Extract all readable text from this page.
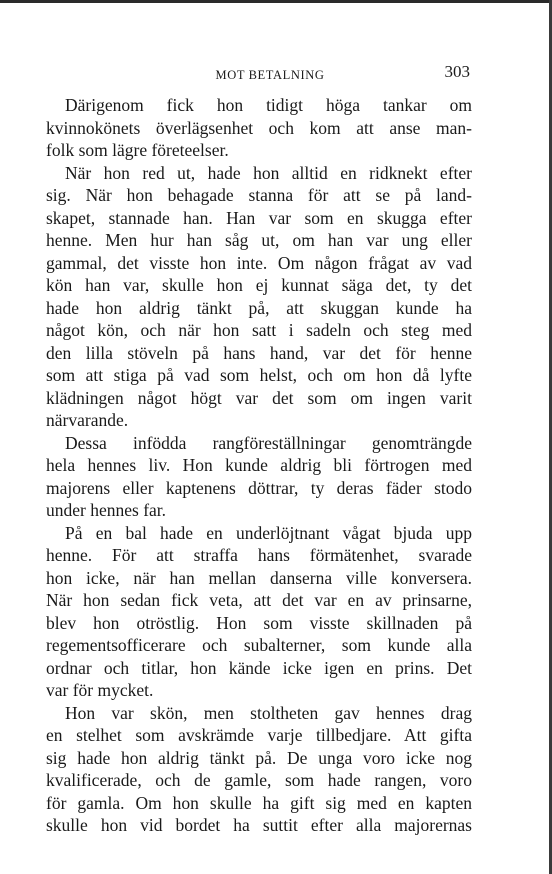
MOT BETALNING	303
Därigenom fick hon tidigt höga tankar om
kvinnokönets överlägsenhet och kom att anse man-
folk som lägre företeelser.
När hon red ut, hade hon alltid en ridknekt efter
sig. När hon behagade stanna för att se på land-
skapet, stannade han. Han var som en skugga efter
henne. Men hur han såg ut, om han var ung eller
gammal, det visste hon inte. Om någon frågat av vad
kön han var, skulle hon ej kunnat säga det, ty det
hade hon aldrig tänkt på, att skuggan kunde ha
något kön, och när hon satt i sadeln och steg med
den lilla stöveln på hans hand, var det för henne
som att stiga på vad som helst, och om hon då lyfte
klädningen något högt var det som om ingen varit
närvarande.
Dessa infödda rangföreställningar genomträngde
hela hennes liv. Hon kunde aldrig bli förtrogen med
majorens eller kaptenens döttrar, ty deras fäder stodo
under hennes far.
På en bal hade en underlöjtnant vågat bjuda upp
henne. För att straffa hans förmätenhet, svarade
hon icke, när han mellan danserna ville konversera.
När hon sedan fick veta, att det var en av prinsarne,
blev hon otröstlig. Hon som visste skillnaden på
regementsofficerare och subalterner, som kunde alla
ordnar och titlar, hon kände icke igen en prins. Det
var för mycket.
Hon var skön, men stoltheten gav hennes drag
en stelhet som avskrämde varje tillbedjare. Att gifta
sig hade hon aldrig tänkt på. De unga voro icke nog
kvalificerade, och de gamle, som hade rangen, voro
för gamla. Om hon skulle ha gift sig med en kapten
skulle hon vid bordet ha suttit efter alla majorernas
